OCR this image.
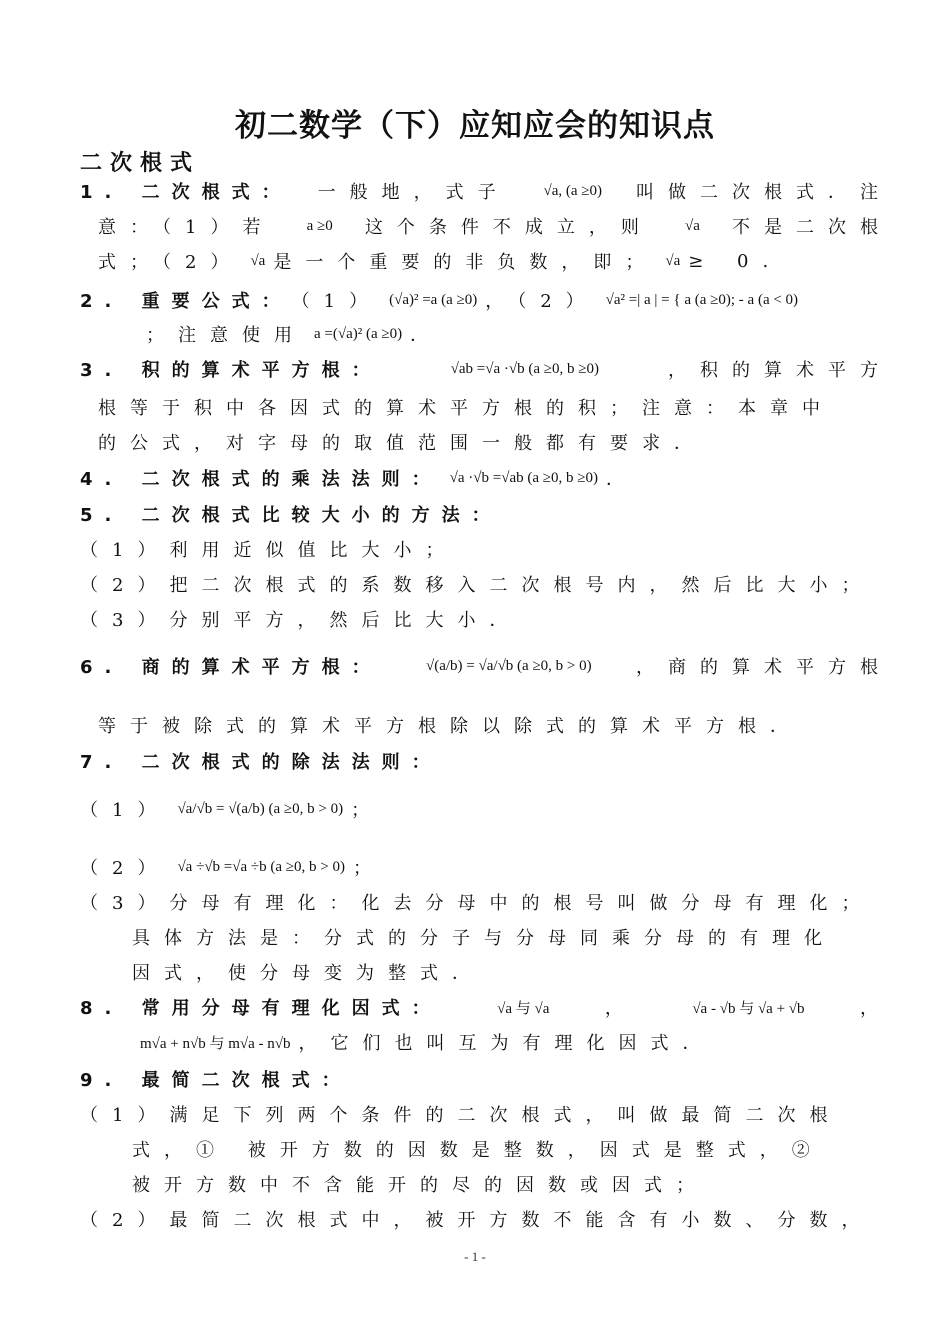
初二数学（下）应知应会的知识点
二次根式
1. 二次根式： 一般地，式子 √a, (a ≥0) 叫做二次根式．注
意：（1）若 a ≥0 这个条件不成立，则 √a 不是二次根
式；（2） √a 是一个重要的非负数，即； √a ≥ 0.
2. 重要公式： （1） (√a)² =a (a ≥0) ，（2） √a² =| a | = { a (a ≥0); - a (a < 0)
；注意使用 a =(√a)² (a ≥0) ．
3. 积的算术平方根：	√ab =√a ·√b (a ≥0, b ≥0)	，积的算术平方
根等于积中各因式的算术平方根的积；注意：本章中
的公式，对字母的取值范围一般都有要求．
4. 二次根式的乘法法则： √a ·√b =√ab (a ≥0, b ≥0) ．
5. 二次根式比较大小的方法：
（1）利用近似值比大小；
（2）把二次根式的系数移入二次根号内，然后比大小；
（3）分别平方，然后比大小．
6. 商的算术平方根：	√(a/b) = √a/√b (a ≥0, b > 0) ，商的算术平方根
等于被除式的算术平方根除以除式的算术平方根．
7. 二次根式的除法法则：
（1） √a/√b = √(a/b) (a ≥0, b > 0) ；
（2） √a ÷√b =√a ÷b (a ≥0, b > 0) ；
（3）分母有理化：化去分母中的根号叫做分母有理化；
具体方法是：分式的分子与分母同乘分母的有理化
因式，使分母变为整式．
8. 常用分母有理化因式：	√a 与 √a	，	√a - √b 与 √a + √b	，
m√a + n√b 与 m√a - n√b ，它们也叫互为有理化因式．
9. 最简二次根式：
（1）满足下列两个条件的二次根式，叫做最简二次根
式，① 被开方数的因数是整数，因式是整式，②
被开方数中不含能开的尽的因数或因式；
（2）最简二次根式中，被开方数不能含有小数、分数，
- 1 -
